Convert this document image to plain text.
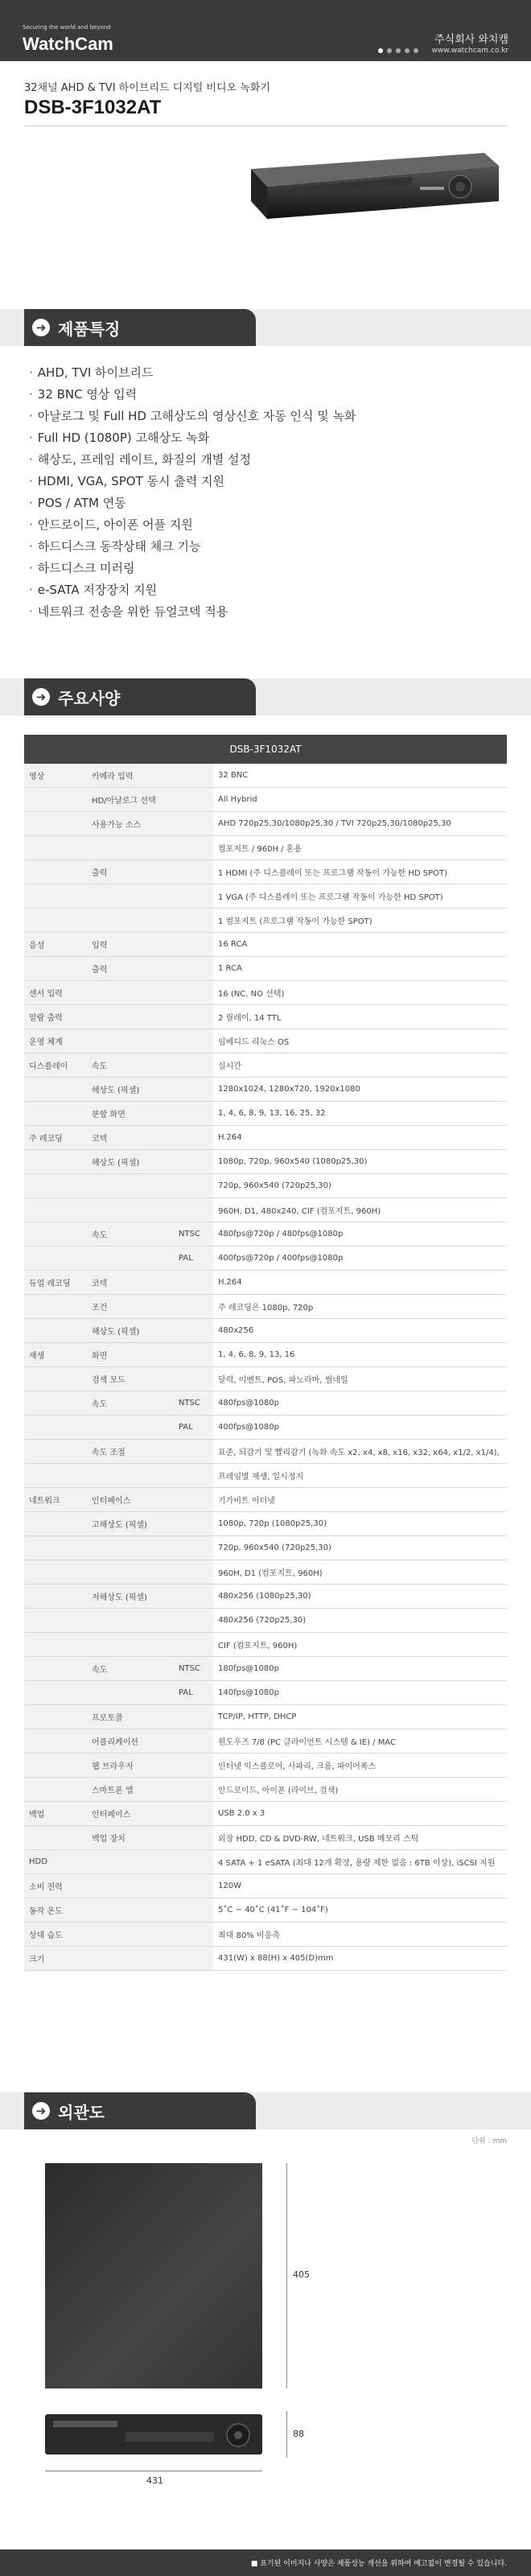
Securing the world and beyond
WatchCam	주식회사 와치캠
www.watchcam.co.kr
32채널 AHD & TVI 하이브리드 디지털 비디오 녹화기
DSB-3F1032AT
➜ 제품특징
· AHD, TVI 하이브리드
· 32 BNC 영상 입력
· 아날로그 및 Full HD 고해상도의 영상신호 자동 인식 및 녹화
· Full HD (1080P) 고해상도 녹화
· 해상도, 프레임 레이트, 화질의 개별 설정
· HDMI, VGA, SPOT 동시 출력 지원
· POS / ATM 연동
· 안드로이드, 아이폰 어플 지원
· 하드디스크 동작상태 체크 기능
· 하드디스크 미러링
· e-SATA 저장장치 지원
· 네트워크 전송을 위한 듀얼코덱 적용
➜ 주요사양
DSB-3F1032AT			
영상	카메라 입력		32 BNC
	HD/아날로그 선택		All Hybrid
	사용가능 소스		AHD 720p25,30/1080p25,30 / TVI 720p25,30/1080p25,30
			컴포지트 / 960H / 혼용
	출력		1 HDMI (주 디스플레이 또는 프로그램 작동이 가능한 HD SPOT)
			1 VGA (주 디스플레이 또는 프로그램 작동이 가능한 HD SPOT)
			1 컴포지트 (프로그램 작동이 가능한 SPOT)
음성	입력		16 RCA
	출력		1 RCA
센서 입력			16 (NC, NO 선택)
알람 출력			2 릴레이, 14 TTL
운영 체계			임베디드 리눅스 OS
디스플레이	속도		실시간
	해상도 (픽셀)		1280x1024, 1280x720, 1920x1080
	분할 화면		1, 4, 6, 8, 9, 13, 16, 25, 32
주 레코딩	코덱		H.264
	해상도 (픽셀)		1080p, 720p, 960x540 (1080p25,30)
			720p, 960x540 (720p25,30)
			960H, D1, 480x240, CIF (컴포지트, 960H)
	속도	NTSC	480fps@720p / 480fps@1080p
		PAL	400fps@720p / 400fps@1080p
듀얼 레코딩	코덱		H.264
	조건		주 레코딩은 1080p, 720p
	해상도 (픽셀)		480x256
재생	화면		1, 4, 6, 8, 9, 13, 16
	검색 모드		달력, 이벤트, POS, 파노라마, 썸네일
	속도	NTSC	480fps@1080p
		PAL	400fps@1080p
	속도 조절		표준, 되감기 및 빨리감기 (녹화 속도 x2, x4, x8, x16, x32, x64, x1/2, x1/4),
			프레임별 재생, 일시정지
네트워크	인터페이스		기가비트 이더넷
	고해상도 (픽셀)		1080p, 720p (1080p25,30)
			720p, 960x540 (720p25,30)
			960H, D1 (컴포지트, 960H)
	저해상도 (픽셀)		480x256 (1080p25,30)
			480x256 (720p25,30)
			CIF (컴포지트, 960H)
	속도	NTSC	180fps@1080p
		PAL	140fps@1080p
	프로토콜		TCP/IP, HTTP, DHCP
	어플리케이션		윈도우즈 7/8 (PC 클라이언트 시스템 & IE) / MAC
	웹 브라우저		인터넷 익스플로어, 사파리, 크롬, 파이어폭스
	스마트폰 앱		안드로이드, 아이폰 (라이브, 검색)
백업	인터페이스		USB 2.0 x 3
	백업 장치		외장 HDD, CD & DVD-RW, 네트워크, USB 메모리 스틱
HDD			4 SATA + 1 eSATA (최대 12개 확장, 용량 제한 없음 : 6TB 이상), iSCSI 지원
소비 전력			120W
동작 온도			5˚C ~ 40˚C (41˚F ~ 104˚F)
상대 습도			최대 80% 비응축
크기			431(W) x 88(H) x 405(D)mm
➜ 외관도
단위 : mm
405
88
431
■ 표기된 이미지나 사양은 제품성능 개선을 위하여 예고없이 변경될 수 있습니다.
